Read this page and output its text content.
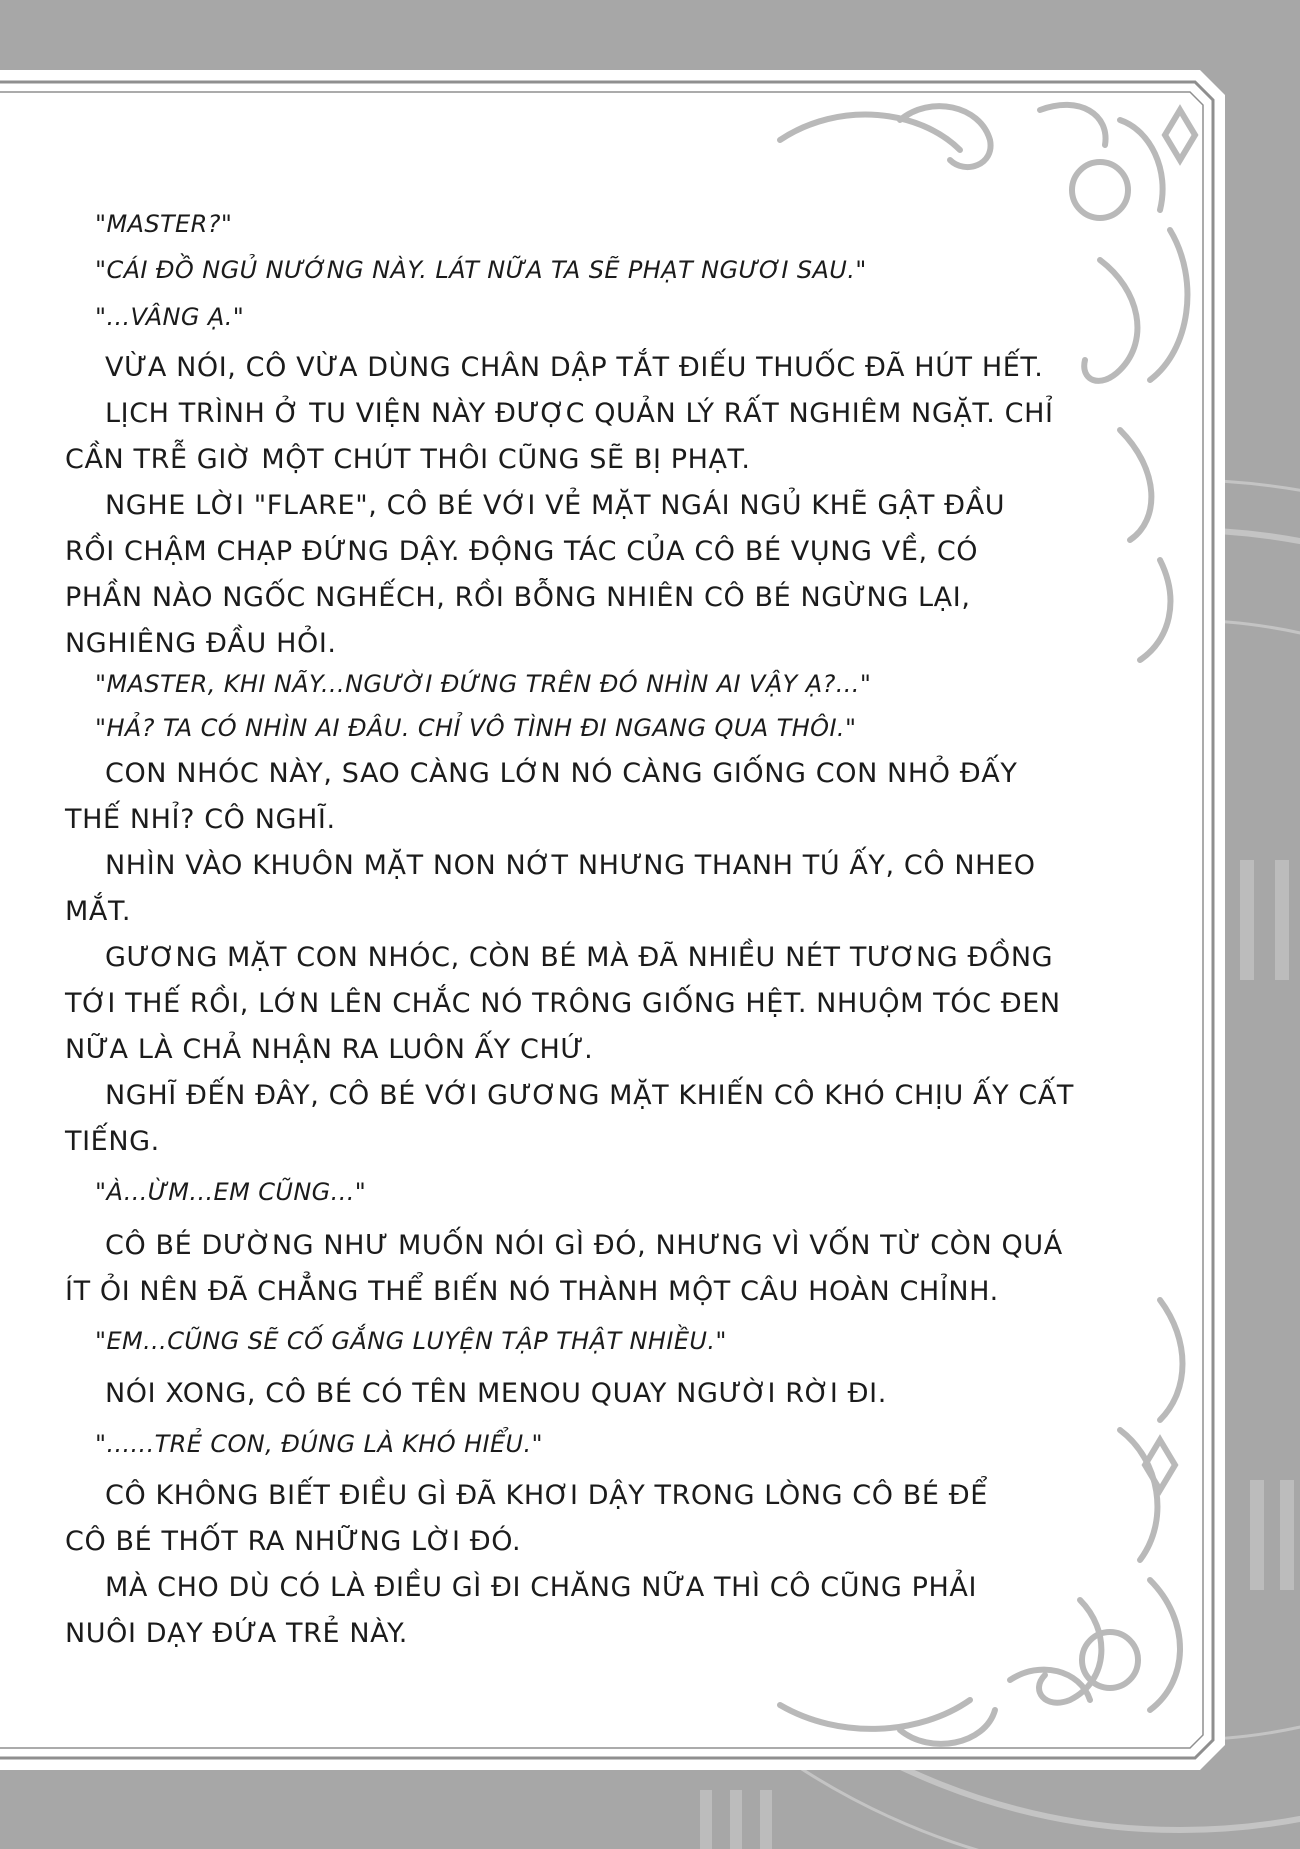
"MASTER?"
"CÁI ĐỒ NGỦ NƯỚNG NÀY. LÁT NỮA TA SẼ PHẠT NGƯƠI SAU."
"...VÂNG Ạ."
VỪA NÓI, CÔ VỪA DÙNG CHÂN DẬP TẮT ĐIẾU THUỐC ĐÃ HÚT HẾT.
LỊCH TRÌNH Ở TU VIỆN NÀY ĐƯỢC QUẢN LÝ RẤT NGHIÊM NGẶT. CHỈ
CẦN TRỄ GIỜ MỘT CHÚT THÔI CŨNG SẼ BỊ PHẠT.
NGHE LỜI "FLARE", CÔ BÉ VỚI VẺ MẶT NGÁI NGỦ KHẼ GẬT ĐẦU
RỒI CHẬM CHẠP ĐỨNG DẬY. ĐỘNG TÁC CỦA CÔ BÉ VỤNG VỀ, CÓ
PHẦN NÀO NGỐC NGHẾCH, RỒI BỖNG NHIÊN CÔ BÉ NGỪNG LẠI,
NGHIÊNG ĐẦU HỎI.
"MASTER, KHI NÃY...NGƯỜI ĐỨNG TRÊN ĐÓ NHÌN AI VẬY Ạ?..."
"HẢ? TA CÓ NHÌN AI ĐÂU. CHỈ VÔ TÌNH ĐI NGANG QUA THÔI."
CON NHÓC NÀY, SAO CÀNG LỚN NÓ CÀNG GIỐNG CON NHỎ ĐẤY
THẾ NHỈ? CÔ NGHĨ.
NHÌN VÀO KHUÔN MẶT NON NỚT NHƯNG THANH TÚ ẤY, CÔ NHEO
MẮT.
GƯƠNG MẶT CON NHÓC, CÒN BÉ MÀ ĐÃ NHIỀU NÉT TƯƠNG ĐỒNG
TỚI THẾ RỒI, LỚN LÊN CHẮC NÓ TRÔNG GIỐNG HỆT. NHUỘM TÓC ĐEN
NỮA LÀ CHẢ NHẬN RA LUÔN ẤY CHỨ.
NGHĨ ĐẾN ĐÂY, CÔ BÉ VỚI GƯƠNG MẶT KHIẾN CÔ KHÓ CHỊU ẤY CẤT
TIẾNG.
"À...ỪM...EM CŨNG..."
CÔ BÉ DƯỜNG NHƯ MUỐN NÓI GÌ ĐÓ, NHƯNG VÌ VỐN TỪ CÒN QUÁ
ÍT ỎI NÊN ĐÃ CHẲNG THỂ BIẾN NÓ THÀNH MỘT CÂU HOÀN CHỈNH.
"EM...CŨNG SẼ CỐ GẮNG LUYỆN TẬP THẬT NHIỀU."
NÓI XONG, CÔ BÉ CÓ TÊN MENOU QUAY NGƯỜI RỜI ĐI.
"......TRẺ CON, ĐÚNG LÀ KHÓ HIỂU."
CÔ KHÔNG BIẾT ĐIỀU GÌ ĐÃ KHƠI DẬY TRONG LÒNG CÔ BÉ ĐỂ
CÔ BÉ THỐT RA NHỮNG LỜI ĐÓ.
MÀ CHO DÙ CÓ LÀ ĐIỀU GÌ ĐI CHĂNG NỮA THÌ CÔ CŨNG PHẢI
NUÔI DẠY ĐỨA TRẺ NÀY.
